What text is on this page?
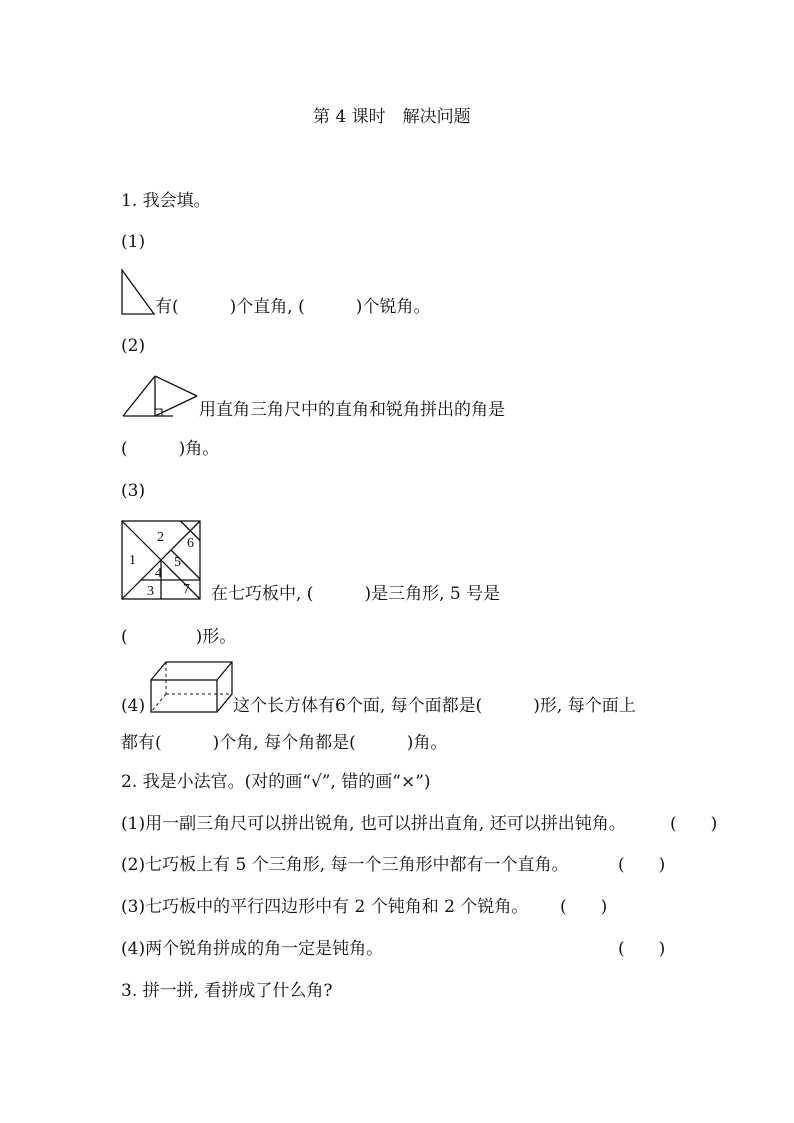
第 4 课时　解决问题
1. 我会填。
(1)
有(　　　)个直角, (　　　)个锐角。
(2)
用直角三角尺中的直角和锐角拼出的角是
(　　　)角。
(3)
1
2
3
4
5
6
7 在七巧板中, (　　　)是三角形, 5 号是
(　　　　)形。
(4)	这个长方体有6个面, 每个面都是(　　　)形, 每个面上
都有(　　　)个角, 每个角都是(　　　)角。
2. 我是小法官。(对的画“√”, 错的画“×”)
(1)用一副三角尺可以拼出锐角, 也可以拼出直角, 还可以拼出钝角。	(　　)
(2)七巧板上有 5 个三角形, 每一个三角形中都有一个直角。	(　　)
(3)七巧板中的平行四边形中有 2 个钝角和 2 个锐角。 (　　)
(4)两个锐角拼成的角一定是钝角。	(　　)
3. 拼一拼, 看拼成了什么角?
